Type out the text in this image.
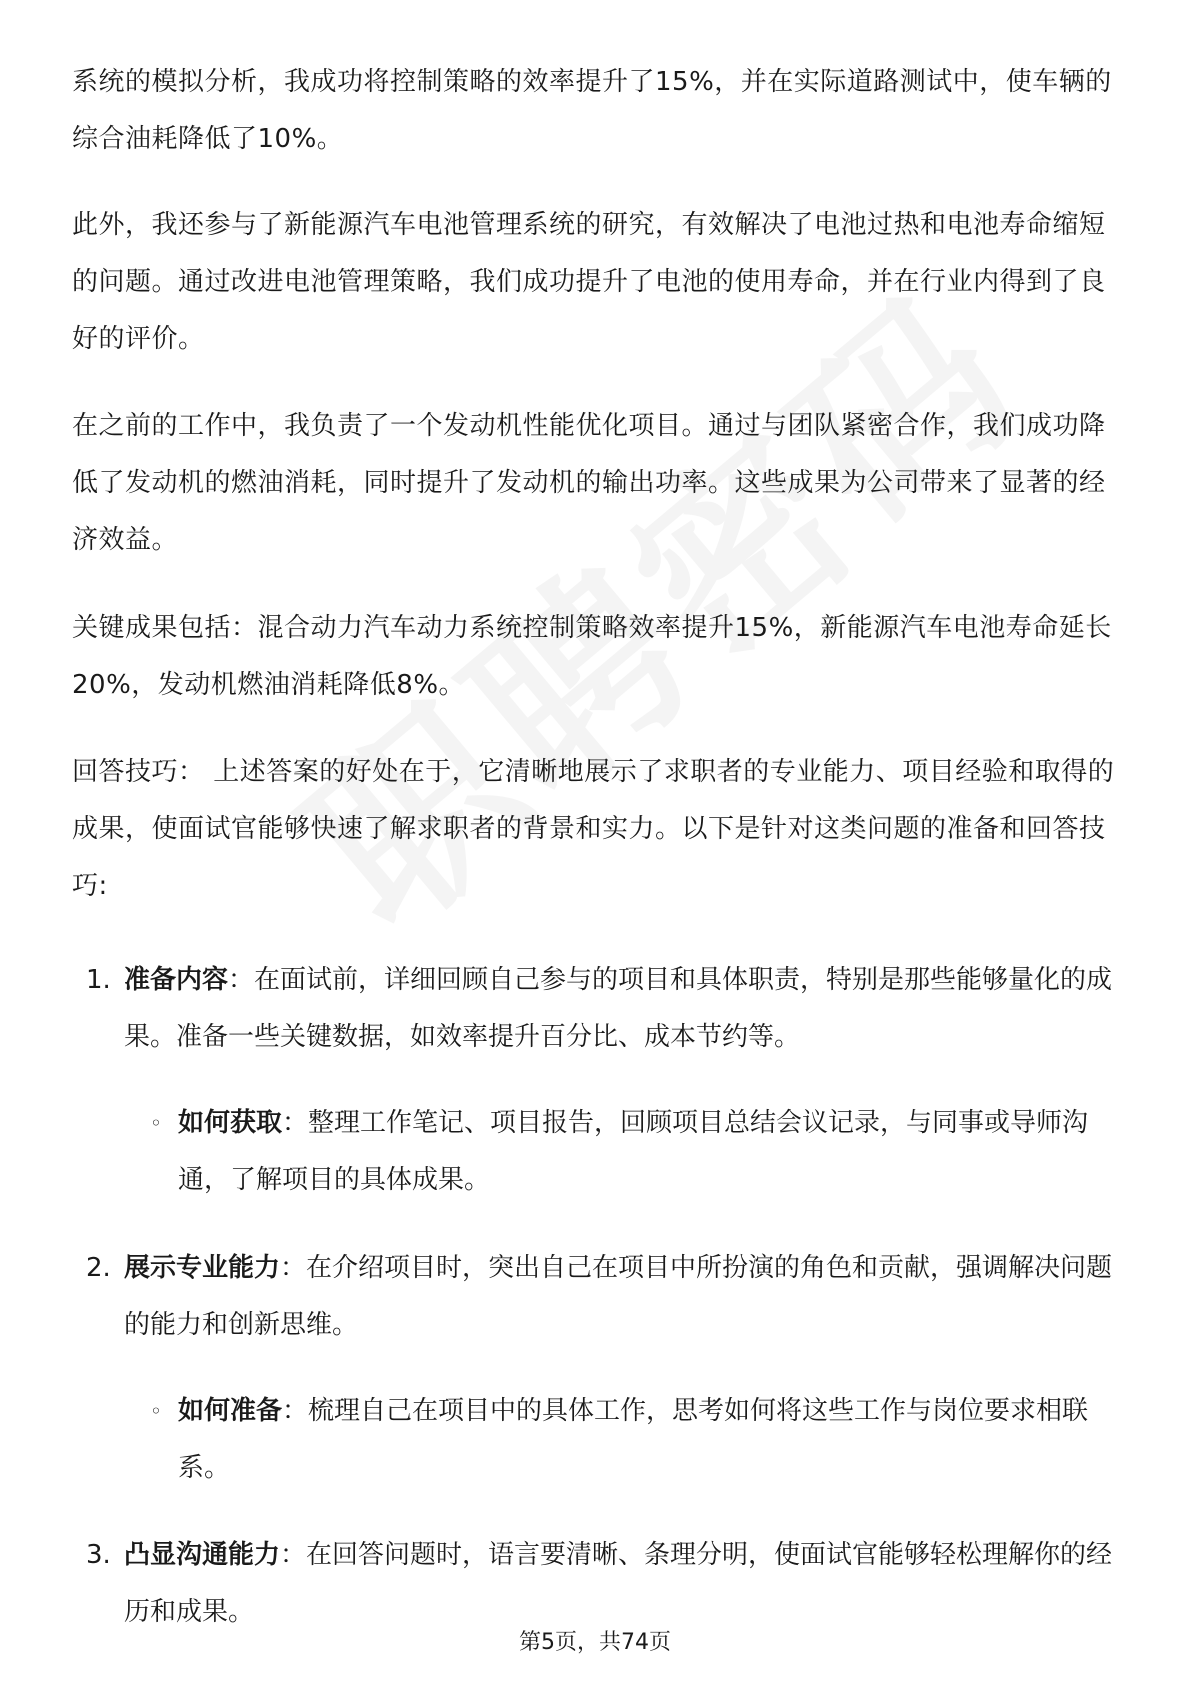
系统的模拟分析，我成功将控制策略的效率提升了15%，并在实际道路测试中，使车辆的综合油耗降低了10%。

此外，我还参与了新能源汽车电池管理系统的研究，有效解决了电池过热和电池寿命缩短的问题。通过改进电池管理策略，我们成功提升了电池的使用寿命，并在行业内得到了良好的评价。

在之前的工作中，我负责了一个发动机性能优化项目。通过与团队紧密合作，我们成功降低了发动机的燃油消耗，同时提升了发动机的输出功率。这些成果为公司带来了显著的经济效益。

关键成果包括：混合动力汽车动力系统控制策略效率提升15%，新能源汽车电池寿命延长20%，发动机燃油消耗降低8%。

回答技巧： 上述答案的好处在于，它清晰地展示了求职者的专业能力、项目经验和取得的成果，使面试官能够快速了解求职者的背景和实力。以下是针对这类问题的准备和回答技巧:

1. 准备内容：在面试前，详细回顾自己参与的项目和具体职责，特别是那些能够量化的成果。准备一些关键数据，如效率提升百分比、成本节约等。
◦ 如何获取：整理工作笔记、项目报告，回顾项目总结会议记录，与同事或导师沟通，了解项目的具体成果。
2. 展示专业能力：在介绍项目时，突出自己在项目中所扮演的角色和贡献，强调解决问题的能力和创新思维。
◦ 如何准备：梳理自己在项目中的具体工作，思考如何将这些工作与岗位要求相联系。
3. 凸显沟通能力：在回答问题时，语言要清晰、条理分明，使面试官能够轻松理解你的经历和成果。
第5页，共74页
